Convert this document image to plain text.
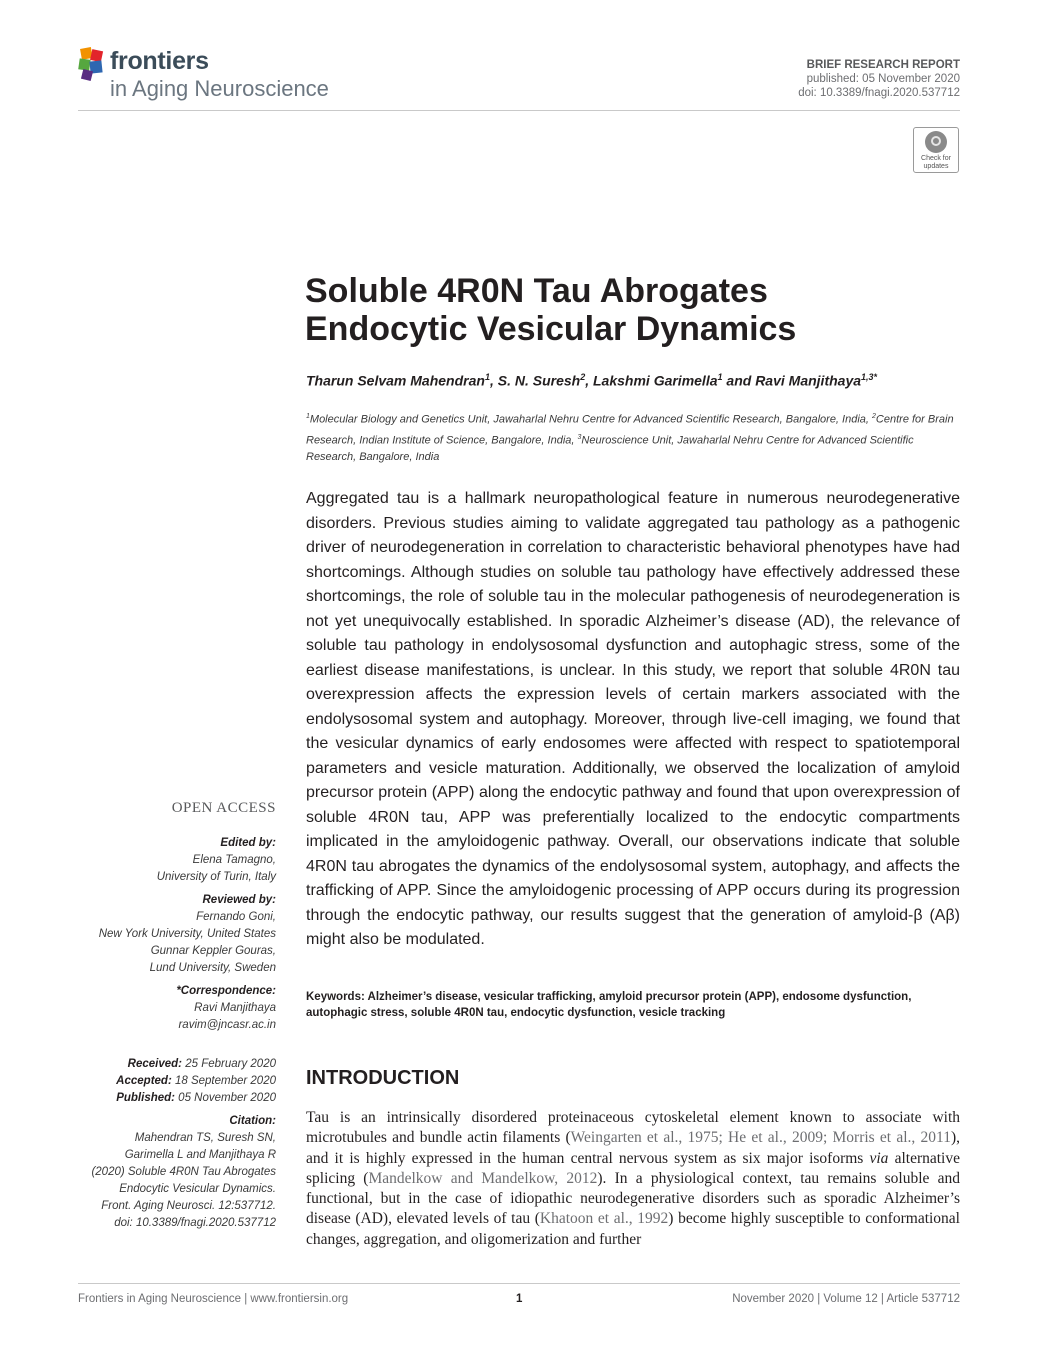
frontiers
in Aging Neuroscience
BRIEF RESEARCH REPORT
published: 05 November 2020
doi: 10.3389/fnagi.2020.537712
Check for
updates
Soluble 4R0N Tau Abrogates
Endocytic Vesicular Dynamics
Tharun Selvam Mahendran$^1$, S. N. Suresh$^2$, Lakshmi Garimella$^1$ and Ravi Manjithaya$^{1,3*}$
$^1$Molecular Biology and Genetics Unit, Jawaharlal Nehru Centre for Advanced Scientific Research, Bangalore, India, $^2$Centre for Brain Research, Indian Institute of Science, Bangalore, India, $^3$Neuroscience Unit, Jawaharlal Nehru Centre for Advanced Scientific Research, Bangalore, India
Aggregated tau is a hallmark neuropathological feature in numerous neurodegenerative disorders. Previous studies aiming to validate aggregated tau pathology as a pathogenic driver of neurodegeneration in correlation to characteristic behavioral phenotypes have had shortcomings. Although studies on soluble tau pathology have effectively addressed these shortcomings, the role of soluble tau in the molecular pathogenesis of neurodegeneration is not yet unequivocally established. In sporadic Alzheimer’s disease (AD), the relevance of soluble tau pathology in endolysosomal dysfunction and autophagic stress, some of the earliest disease manifestations, is unclear. In this study, we report that soluble 4R0N tau overexpression affects the expression levels of certain markers associated with the endolysosomal system and autophagy. Moreover, through live-cell imaging, we found that the vesicular dynamics of early endosomes were affected with respect to spatiotemporal parameters and vesicle maturation. Additionally, we observed the localization of amyloid precursor protein (APP) along the endocytic pathway and found that upon overexpression of soluble 4R0N tau, APP was preferentially localized to the endocytic compartments implicated in the amyloidogenic pathway. Overall, our observations indicate that soluble 4R0N tau abrogates the dynamics of the endolysosomal system, autophagy, and affects the trafficking of APP. Since the amyloidogenic processing of APP occurs during its progression through the endocytic pathway, our results suggest that the generation of amyloid-β (Aβ) might also be modulated.
Keywords: Alzheimer’s disease, vesicular trafficking, amyloid precursor protein (APP), endosome dysfunction, autophagic stress, soluble 4R0N tau, endocytic dysfunction, vesicle tracking
OPEN ACCESS
Edited by:
Elena Tamagno,
University of Turin, Italy
Reviewed by:
Fernando Goni,
New York University, United States
Gunnar Keppler Gouras,
Lund University, Sweden
*Correspondence:
Ravi Manjithaya
ravim@jncasr.ac.in
Received: 25 February 2020
Accepted: 18 September 2020
Published: 05 November 2020
Citation:
Mahendran TS, Suresh SN,
Garimella L and Manjithaya R
(2020) Soluble 4R0N Tau Abrogates
Endocytic Vesicular Dynamics.
Front. Aging Neurosci. 12:537712.
doi: 10.3389/fnagi.2020.537712
INTRODUCTION
Tau is an intrinsically disordered proteinaceous cytoskeletal element known to associate with microtubules and bundle actin filaments (Weingarten et al., 1975; He et al., 2009; Morris et al., 2011), and it is highly expressed in the human central nervous system as six major isoforms via alternative splicing (Mandelkow and Mandelkow, 2012). In a physiological context, tau remains soluble and functional, but in the case of idiopathic neurodegenerative disorders such as sporadic Alzheimer’s disease (AD), elevated levels of tau (Khatoon et al., 1992) become highly susceptible to conformational changes, aggregation, and oligomerization and further
Frontiers in Aging Neuroscience | www.frontiersin.org	1	November 2020 | Volume 12 | Article 537712
